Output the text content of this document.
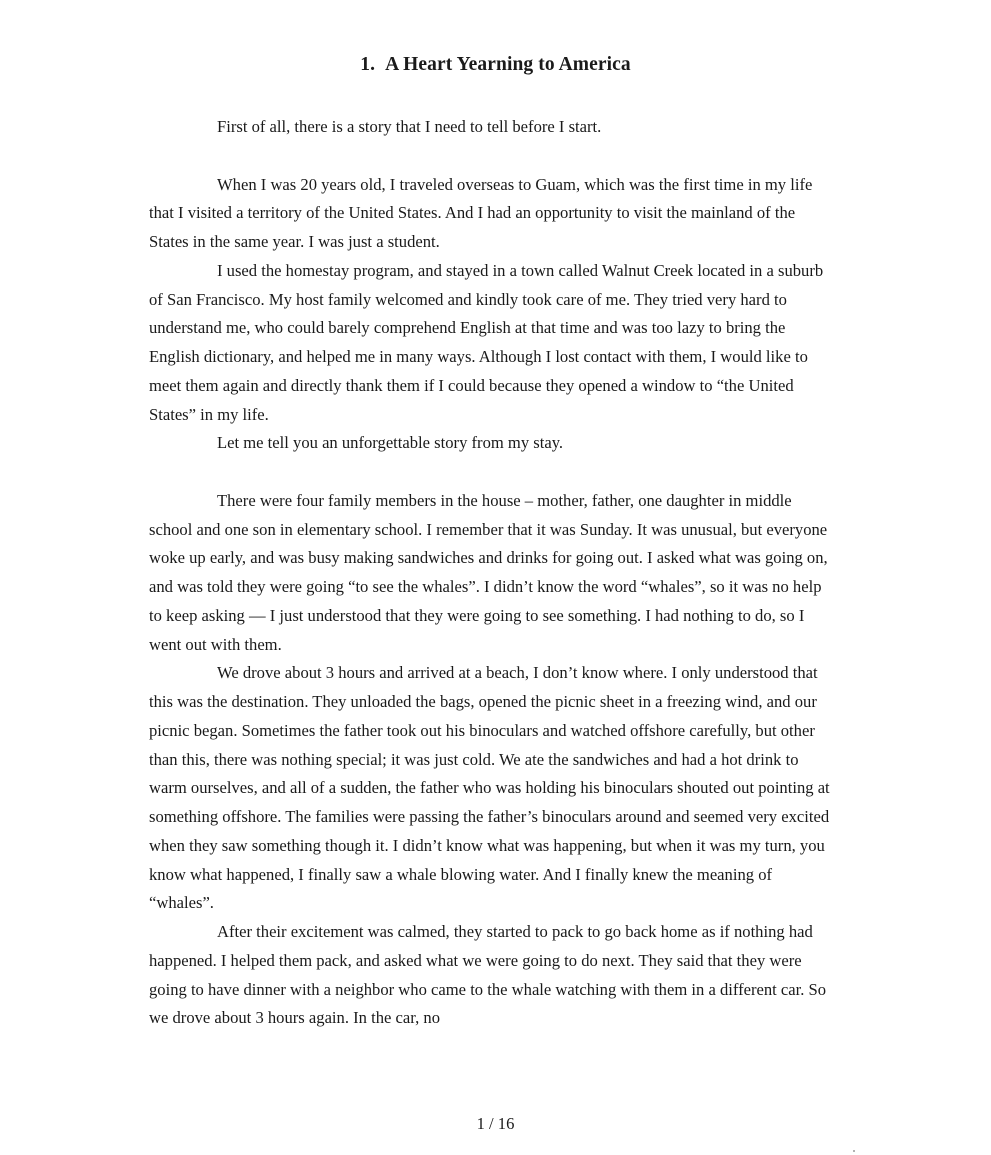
1. A Heart Yearning to America

First of all, there is a story that I need to tell before I start.

When I was 20 years old, I traveled overseas to Guam, which was the first time in my life that I visited a territory of the United States. And I had an opportunity to visit the mainland of the States in the same year. I was just a student.

I used the homestay program, and stayed in a town called Walnut Creek located in a suburb of San Francisco. My host family welcomed and kindly took care of me. They tried very hard to understand me, who could barely comprehend English at that time and was too lazy to bring the English dictionary, and helped me in many ways. Although I lost contact with them, I would like to meet them again and directly thank them if I could because they opened a window to “the United States” in my life.

Let me tell you an unforgettable story from my stay.

There were four family members in the house – mother, father, one daughter in middle school and one son in elementary school. I remember that it was Sunday. It was unusual, but everyone woke up early, and was busy making sandwiches and drinks for going out. I asked what was going on, and was told they were going “to see the whales”. I didn’t know the word “whales”, so it was no help to keep asking — I just understood that they were going to see something. I had nothing to do, so I went out with them.

We drove about 3 hours and arrived at a beach, I don’t know where. I only understood that this was the destination. They unloaded the bags, opened the picnic sheet in a freezing wind, and our picnic began. Sometimes the father took out his binoculars and watched offshore carefully, but other than this, there was nothing special; it was just cold. We ate the sandwiches and had a hot drink to warm ourselves, and all of a sudden, the father who was holding his binoculars shouted out pointing at something offshore. The families were passing the father’s binoculars around and seemed very excited when they saw something though it. I didn’t know what was happening, but when it was my turn, you know what happened, I finally saw a whale blowing water. And I finally knew the meaning of “whales”.

After their excitement was calmed, they started to pack to go back home as if nothing had happened. I helped them pack, and asked what we were going to do next. They said that they were going to have dinner with a neighbor who came to the whale watching with them in a different car. So we drove about 3 hours again. In the car, no

1 / 16
